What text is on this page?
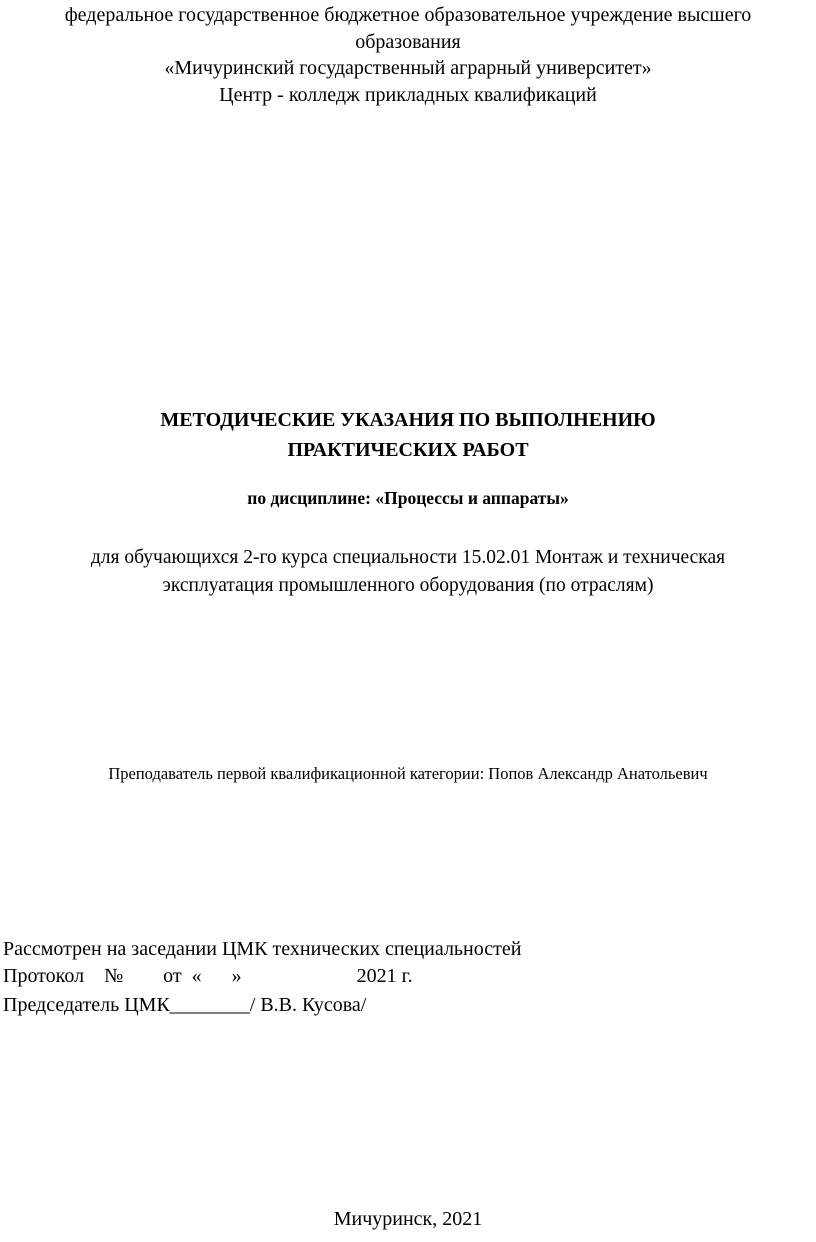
федеральное государственное бюджетное образовательное учреждение высшего
образования
«Мичуринский государственный аграрный университет»
Центр - колледж прикладных квалификаций
МЕТОДИЧЕСКИЕ УКАЗАНИЯ ПО ВЫПОЛНЕНИЮ
ПРАКТИЧЕСКИХ РАБОТ
по дисциплине: «Процессы и аппараты»
для обучающихся 2-го курса специальности 15.02.01 Монтаж и техническая
эксплуатация промышленного оборудования (по отраслям)
Преподаватель первой квалификационной категории: Попов Александр Анатольевич
Рассмотрен на заседании ЦМК технических специальностей
Протокол    №        от  «      »                       2021 г.
Председатель ЦМК________/ В.В. Кусова/
Мичуринск, 2021
